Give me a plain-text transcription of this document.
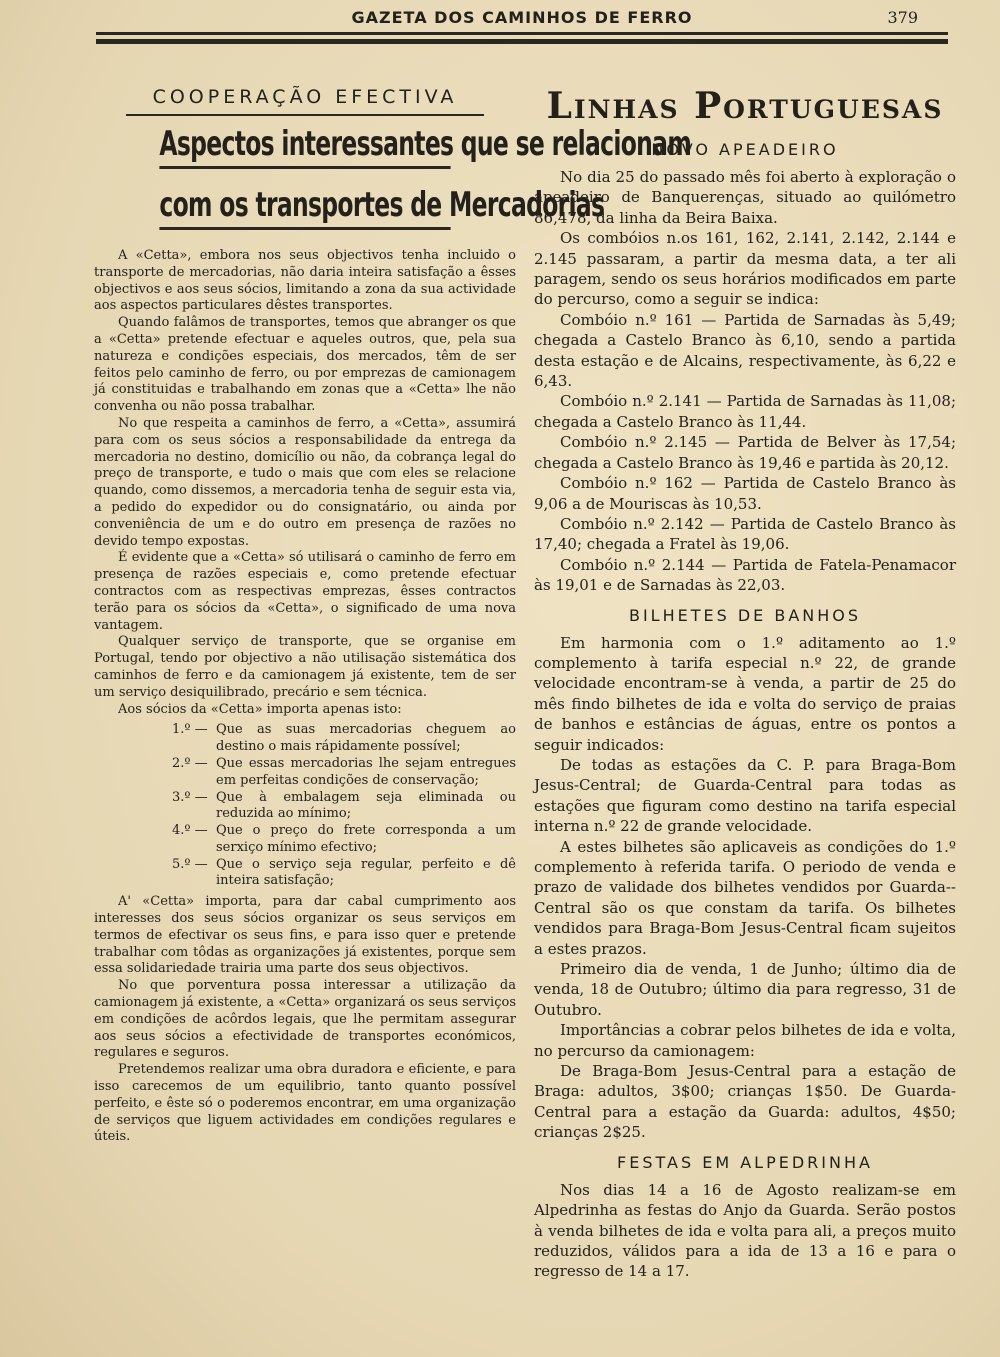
GAZETA DOS CAMINHOS DE FERRO	379
COOPERAÇÃO EFECTIVA
Aspectos interessantes que se relacionam
com os transportes de Mercadorias

A «Cetta», embora nos seus objectivos tenha incluido o transporte de mercadorias, não daria inteira satisfação a êsses objectivos e aos seus sócios, limitando a zona da sua actividade aos aspectos particulares dêstes transportes.

Quando falâmos de transportes, temos que abranger os que a «Cetta» pretende efectuar e aqueles outros, que, pela sua natureza e condições especiais, dos mercados, têm de ser feitos pelo caminho de ferro, ou por emprezas de camionagem já constituidas e trabalhando em zonas que a «Cetta» lhe não convenha ou não possa trabalhar.

No que respeita a caminhos de ferro, a «Cetta», assumirá para com os seus sócios a responsabilidade da entrega da mercadoria no destino, domicílio ou não, da cobrança legal do preço de transporte, e tudo o mais que com eles se relacione quando, como dissemos, a mercadoria tenha de seguir esta via, a pedido do expedidor ou do consignatário, ou ainda por conveniência de um e do outro em presença de razões no devido tempo expostas.

É evidente que a «Cetta» só utilisará o caminho de ferro em presença de razões especiais e, como pretende efectuar contractos com as respectivas emprezas, êsses contractos terão para os sócios da «Cetta», o significado de uma nova vantagem.

Qualquer serviço de transporte, que se organise em Portugal, tendo por objectivo a não utilisação sistemática dos caminhos de ferro e da camionagem já existente, tem de ser um serviço desiquilibrado, precário e sem técnica.

Aos sócios da «Cetta» importa apenas isto:

1.º — Que as suas mercadorias cheguem ao destino o mais rápidamente possível;
2.º — Que essas mercadorias lhe sejam entregues em perfeitas condições de conservação;
3.º — Que à embalagem seja eliminada ou reduzida ao mínimo;
4.º — Que o preço do frete corresponda a um serxiço mínimo efectivo;
5.º — Que o serviço seja regular, perfeito e dê inteira satisfação;

A' «Cetta» importa, para dar cabal cumprimento aos interesses dos seus sócios organizar os seus serviços em termos de efectivar os seus fins, e para isso quer e pretende trabalhar com tôdas as organizações já existentes, porque sem essa solidariedade trairia uma parte dos seus objectivos.

No que porventura possa interessar a utilização da camionagem já existente, a «Cetta» organizará os seus serviços em condições de acôrdos legais, que lhe permitam assegurar aos seus sócios a efectividade de transportes económicos, regulares e seguros.

Pretendemos realizar uma obra duradora e eficiente, e para isso carecemos de um equilibrio, tanto quanto possível perfeito, e êste só o poderemos encontrar, em uma organização de serviços que liguem actividades em condições regulares e úteis.

Linhas Portuguesas
NOVO APEADEIRO

No dia 25 do passado mês foi aberto à exploração o apeadeiro de Banquerenças, situado ao quilómetro 86,478, da linha da Beira Baixa.

Os combóios n.os 161, 162, 2.141, 2.142, 2.144 e 2.145 passaram, a partir da mesma data, a ter ali paragem, sendo os seus horários modificados em parte do percurso, como a seguir se indica:

Combóio n.º 161 — Partida de Sarnadas às 5,49; chegada a Castelo Branco às 6,10, sendo a partida desta estação e de Alcains, respectivamente, às 6,22 e 6,43.

Combóio n.º 2.141 — Partida de Sarnadas às 11,08; chegada a Castelo Branco às 11,44.

Combóio n.º 2.145 — Partida de Belver às 17,54; chegada a Castelo Branco às 19,46 e partida às 20,12.

Combóio n.º 162 — Partida de Castelo Branco às 9,06 a de Mouriscas às 10,53.

Combóio n.º 2.142 — Partida de Castelo Branco às 17,40; chegada a Fratel às 19,06.

Combóio n.º 2.144 — Partida de Fatela-Penamacor às 19,01 e de Sarnadas às 22,03.

BILHETES DE BANHOS

Em harmonia com o 1.º aditamento ao 1.º complemento à tarifa especial n.º 22, de grande velocidade encontram-se à venda, a partir de 25 do mês findo bilhetes de ida e volta do serviço de praias de banhos e estâncias de águas, entre os pontos a seguir indicados:

De todas as estações da C. P. para Braga-Bom Jesus-Central; de Guarda-Central para todas as estações que figuram como destino na tarifa especial interna n.º 22 de grande velocidade.

A estes bilhetes são aplicaveis as condições do 1.º complemento à referida tarifa. O periodo de venda e prazo de validade dos bilhetes vendidos por Guarda--Central são os que constam da tarifa. Os bilhetes vendidos para Braga-Bom Jesus-Central ficam sujeitos a estes prazos.

Primeiro dia de venda, 1 de Junho; último dia de venda, 18 de Outubro; último dia para regresso, 31 de Outubro.

Importâncias a cobrar pelos bilhetes de ida e volta, no percurso da camionagem:

De Braga-Bom Jesus-Central para a estação de Braga: adultos, 3$00; crianças 1$50. De Guarda-Central para a estação da Guarda: adultos, 4$50; crianças 2$25.

FESTAS EM ALPEDRINHA

Nos dias 14 a 16 de Agosto realizam-se em Alpedrinha as festas do Anjo da Guarda. Serão postos à venda bilhetes de ida e volta para ali, a preços muito reduzidos, válidos para a ida de 13 a 16 e para o regresso de 14 a 17.
